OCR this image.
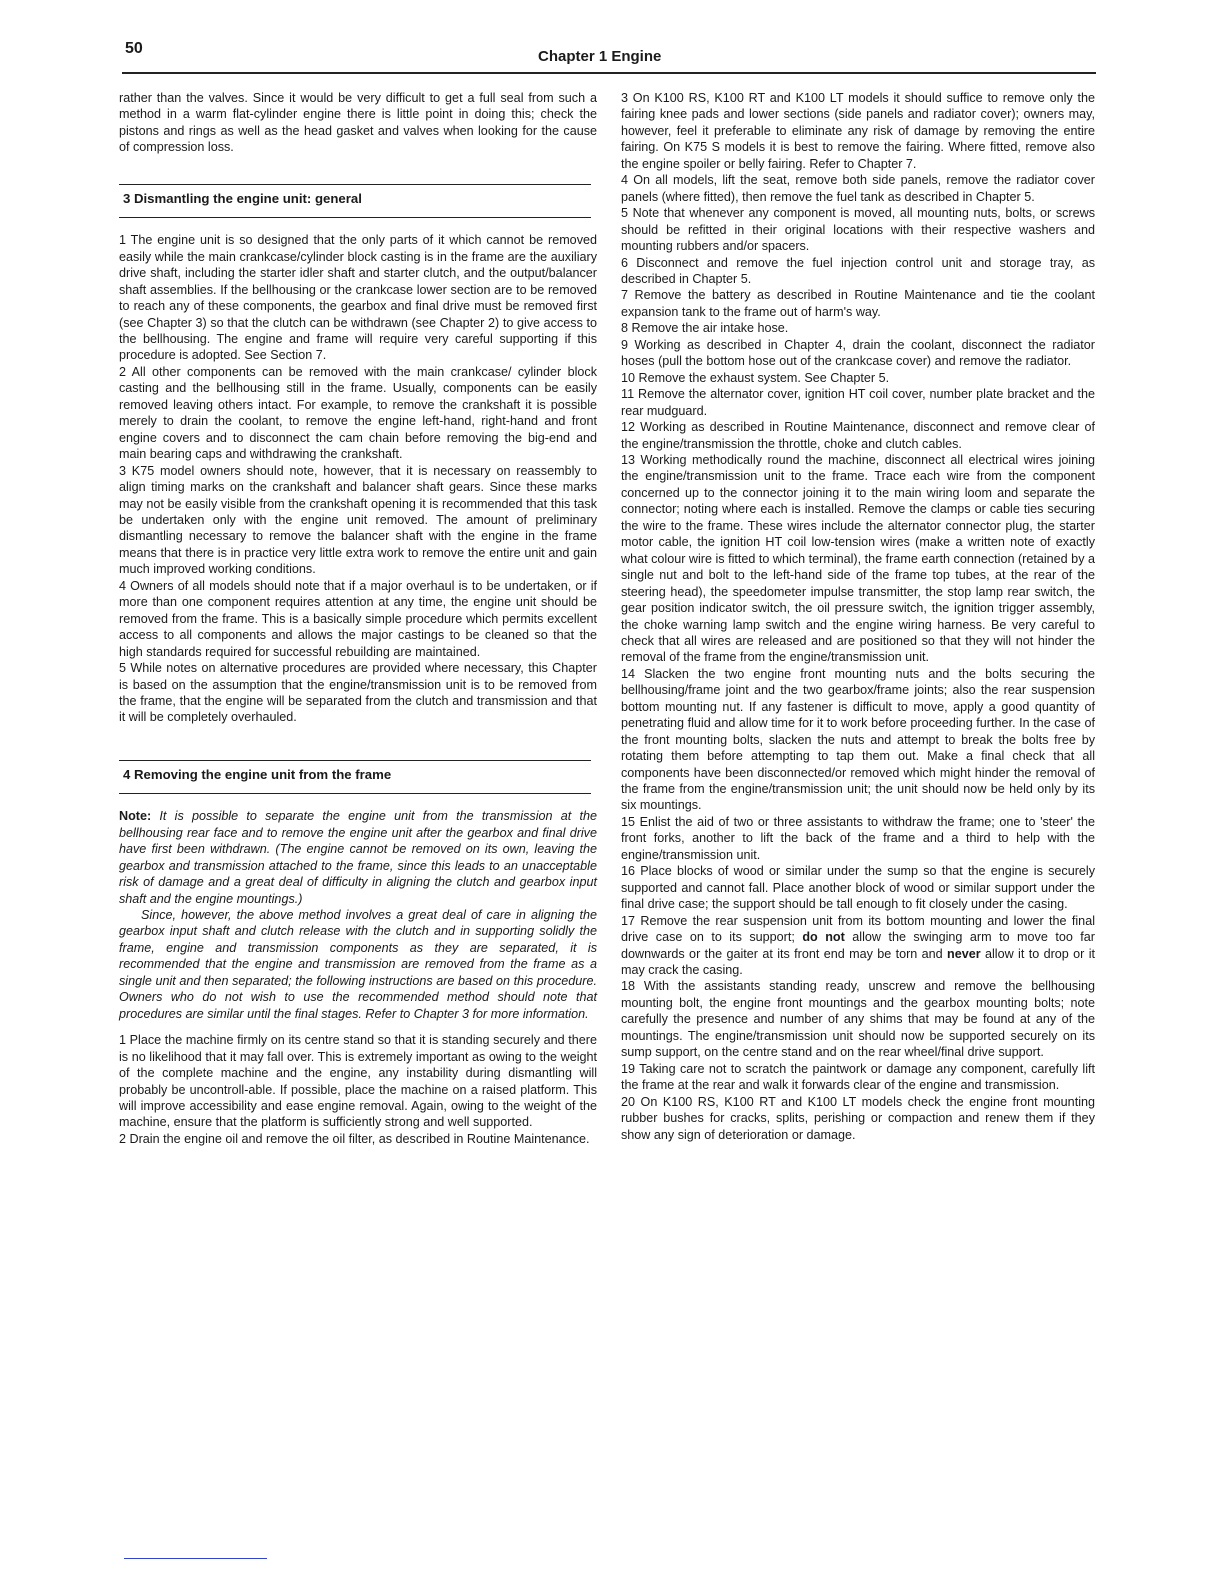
50	Chapter 1 Engine

rather than the valves. Since it would be very difficult to get a full seal from such a method in a warm flat-cylinder engine there is little point in doing this; check the pistons and rings as well as the head gasket and valves when looking for the cause of compression loss.

3 Dismantling the engine unit: general

1 The engine unit is so designed that the only parts of it which cannot be removed easily while the main crankcase/cylinder block casting is in the frame are the auxiliary drive shaft, including the starter idler shaft and starter clutch, and the output/balancer shaft assemblies. If the bellhousing or the crankcase lower section are to be removed to reach any of these components, the gearbox and final drive must be removed first (see Chapter 3) so that the clutch can be withdrawn (see Chapter 2) to give access to the bellhousing. The engine and frame will require very careful supporting if this procedure is adopted. See Section 7.

2 All other components can be removed with the main crankcase/ cylinder block casting and the bellhousing still in the frame. Usually, components can be easily removed leaving others intact. For example, to remove the crankshaft it is possible merely to drain the coolant, to remove the engine left-hand, right-hand and front engine covers and to disconnect the cam chain before removing the big-end and main bearing caps and withdrawing the crankshaft.

3 K75 model owners should note, however, that it is necessary on reassembly to align timing marks on the crankshaft and balancer shaft gears. Since these marks may not be easily visible from the crankshaft opening it is recommended that this task be undertaken only with the engine unit removed. The amount of preliminary dismantling necessary to remove the balancer shaft with the engine in the frame means that there is in practice very little extra work to remove the entire unit and gain much improved working conditions.

4 Owners of all models should note that if a major overhaul is to be undertaken, or if more than one component requires attention at any time, the engine unit should be removed from the frame. This is a basically simple procedure which permits excellent access to all components and allows the major castings to be cleaned so that the high standards required for successful rebuilding are maintained.

5 While notes on alternative procedures are provided where necessary, this Chapter is based on the assumption that the engine/transmission unit is to be removed from the frame, that the engine will be separated from the clutch and transmission and that it will be completely overhauled.

4 Removing the engine unit from the frame

Note: It is possible to separate the engine unit from the transmission at the bellhousing rear face and to remove the engine unit after the gearbox and final drive have first been withdrawn. (The engine cannot be removed on its own, leaving the gearbox and transmission attached to the frame, since this leads to an unacceptable risk of damage and a great deal of difficulty in aligning the clutch and gearbox input shaft and the engine mountings.)

Since, however, the above method involves a great deal of care in aligning the gearbox input shaft and clutch release with the clutch and in supporting solidly the frame, engine and transmission components as they are separated, it is recommended that the engine and transmission are removed from the frame as a single unit and then separated; the following instructions are based on this procedure. Owners who do not wish to use the recommended method should note that procedures are similar until the final stages. Refer to Chapter 3 for more information.

1 Place the machine firmly on its centre stand so that it is standing securely and there is no likelihood that it may fall over. This is extremely important as owing to the weight of the complete machine and the engine, any instability during dismantling will probably be uncontroll-able. If possible, place the machine on a raised platform. This will improve accessibility and ease engine removal. Again, owing to the weight of the machine, ensure that the platform is sufficiently strong and well supported.

2 Drain the engine oil and remove the oil filter, as described in Routine Maintenance.

3 On K100 RS, K100 RT and K100 LT models it should suffice to remove only the fairing knee pads and lower sections (side panels and radiator cover); owners may, however, feel it preferable to eliminate any risk of damage by removing the entire fairing. On K75 S models it is best to remove the fairing. Where fitted, remove also the engine spoiler or belly fairing. Refer to Chapter 7.

4 On all models, lift the seat, remove both side panels, remove the radiator cover panels (where fitted), then remove the fuel tank as described in Chapter 5.

5 Note that whenever any component is moved, all mounting nuts, bolts, or screws should be refitted in their original locations with their respective washers and mounting rubbers and/or spacers.

6 Disconnect and remove the fuel injection control unit and storage tray, as described in Chapter 5.

7 Remove the battery as described in Routine Maintenance and tie the coolant expansion tank to the frame out of harm's way.

8 Remove the air intake hose.

9 Working as described in Chapter 4, drain the coolant, disconnect the radiator hoses (pull the bottom hose out of the crankcase cover) and remove the radiator.

10 Remove the exhaust system. See Chapter 5.

11 Remove the alternator cover, ignition HT coil cover, number plate bracket and the rear mudguard.

12 Working as described in Routine Maintenance, disconnect and remove clear of the engine/transmission the throttle, choke and clutch cables.

13 Working methodically round the machine, disconnect all electrical wires joining the engine/transmission unit to the frame. Trace each wire from the component concerned up to the connector joining it to the main wiring loom and separate the connector; noting where each is installed. Remove the clamps or cable ties securing the wire to the frame. These wires include the alternator connector plug, the starter motor cable, the ignition HT coil low-tension wires (make a written note of exactly what colour wire is fitted to which terminal), the frame earth connection (retained by a single nut and bolt to the left-hand side of the frame top tubes, at the rear of the steering head), the speedometer impulse transmitter, the stop lamp rear switch, the gear position indicator switch, the oil pressure switch, the ignition trigger assembly, the choke warning lamp switch and the engine wiring harness. Be very careful to check that all wires are released and are positioned so that they will not hinder the removal of the frame from the engine/transmission unit.

14 Slacken the two engine front mounting nuts and the bolts securing the bellhousing/frame joint and the two gearbox/frame joints; also the rear suspension bottom mounting nut. If any fastener is difficult to move, apply a good quantity of penetrating fluid and allow time for it to work before proceeding further. In the case of the front mounting bolts, slacken the nuts and attempt to break the bolts free by rotating them before attempting to tap them out. Make a final check that all components have been disconnected/or removed which might hinder the removal of the frame from the engine/transmission unit; the unit should now be held only by its six mountings.

15 Enlist the aid of two or three assistants to withdraw the frame; one to 'steer' the front forks, another to lift the back of the frame and a third to help with the engine/transmission unit.

16 Place blocks of wood or similar under the sump so that the engine is securely supported and cannot fall. Place another block of wood or similar support under the final drive case; the support should be tall enough to fit closely under the casing.

17 Remove the rear suspension unit from its bottom mounting and lower the final drive case on to its support; do not allow the swinging arm to move too far downwards or the gaiter at its front end may be torn and never allow it to drop or it may crack the casing.

18 With the assistants standing ready, unscrew and remove the bellhousing mounting bolt, the engine front mountings and the gearbox mounting bolts; note carefully the presence and number of any shims that may be found at any of the mountings. The engine/transmission unit should now be supported securely on its sump support, on the centre stand and on the rear wheel/final drive support.

19 Taking care not to scratch the paintwork or damage any component, carefully lift the frame at the rear and walk it forwards clear of the engine and transmission.

20 On K100 RS, K100 RT and K100 LT models check the engine front mounting rubber bushes for cracks, splits, perishing or compaction and renew them if they show any sign of deterioration or damage.
